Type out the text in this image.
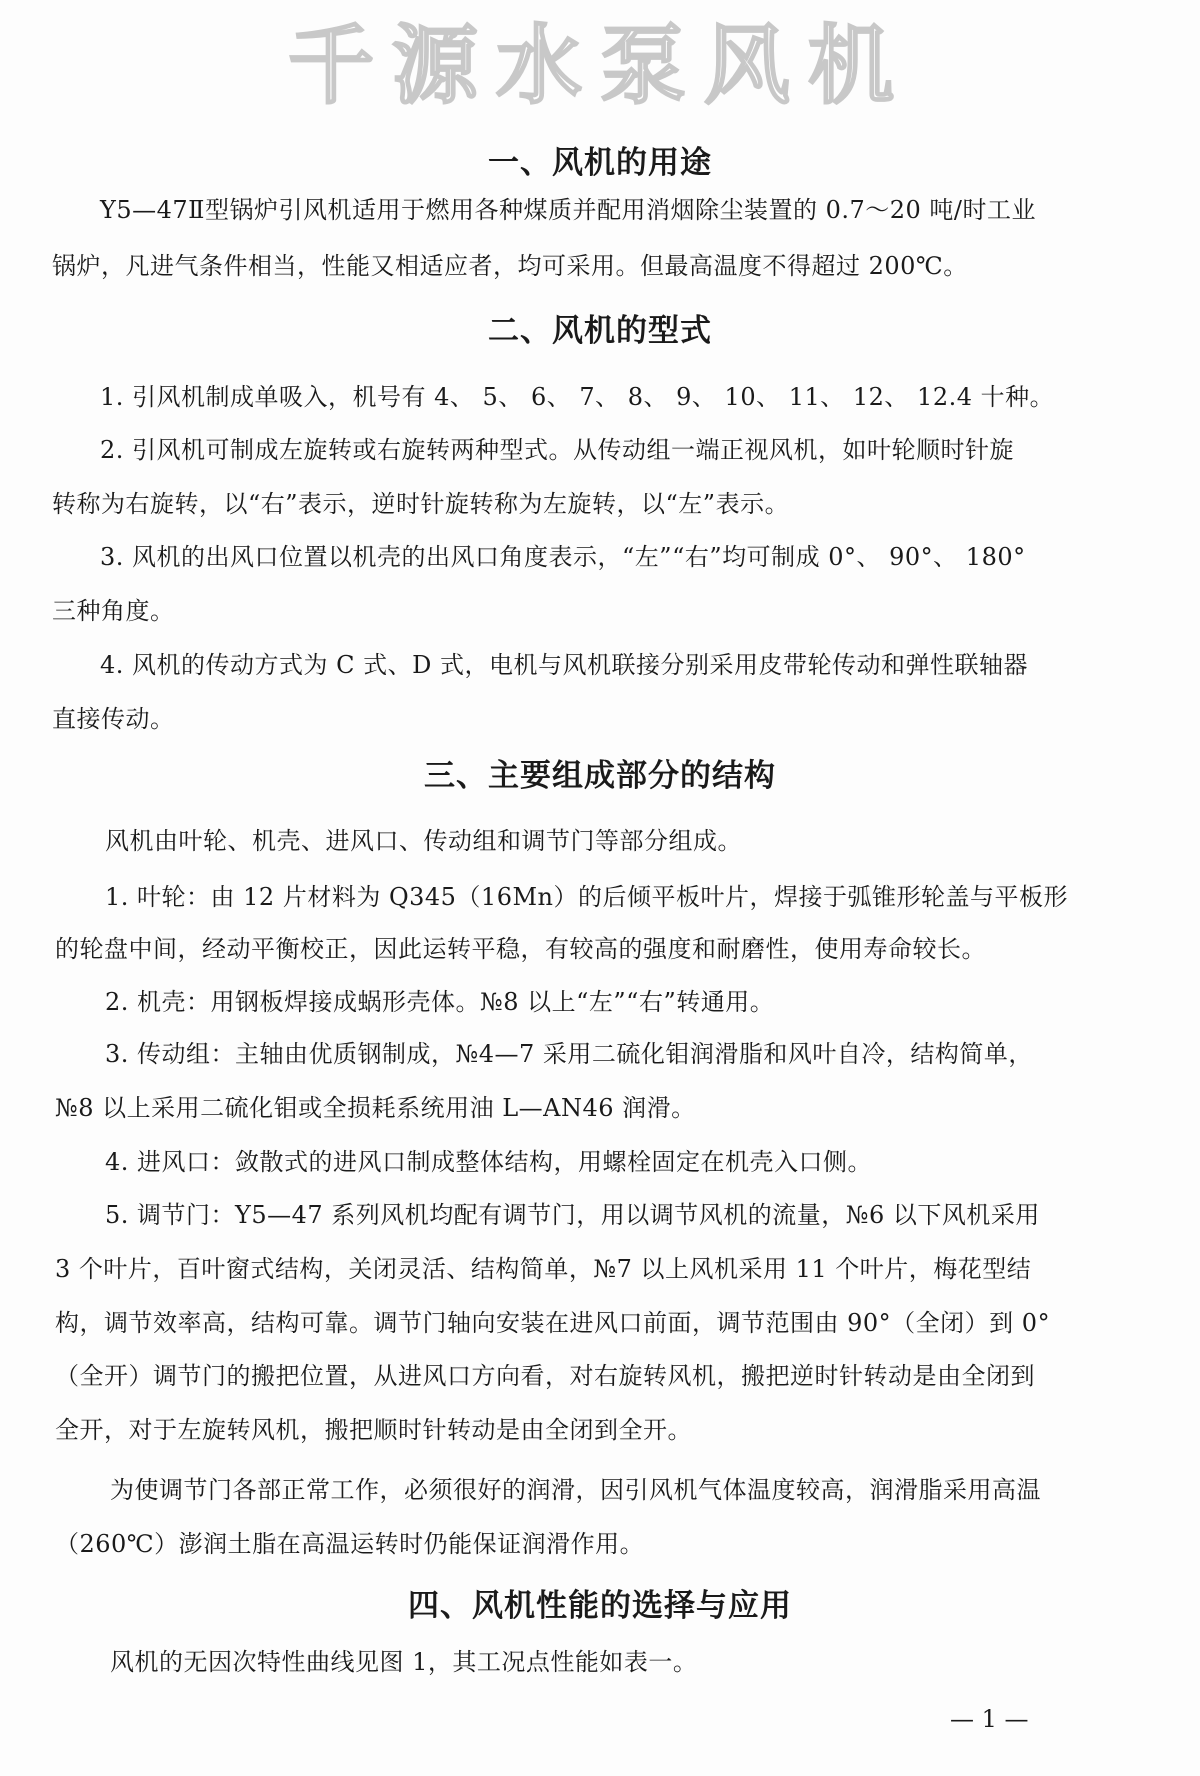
千源水泵风机
一、风机的用途
Y5—47Ⅱ型锅炉引风机适用于燃用各种煤质并配用消烟除尘装置的 0.7～20 吨/时工业
锅炉，凡进气条件相当，性能又相适应者，均可采用。但最高温度不得超过 200℃。
二、风机的型式
1. 引风机制成单吸入，机号有 4、 5、 6、 7、 8、 9、 10、 11、 12、 12.4 十种。
2. 引风机可制成左旋转或右旋转两种型式。从传动组一端正视风机，如叶轮顺时针旋
转称为右旋转，以“右”表示，逆时针旋转称为左旋转，以“左”表示。
3. 风机的出风口位置以机壳的出风口角度表示，“左”“右”均可制成 0°、 90°、 180°
三种角度。
4. 风机的传动方式为 C 式、D 式，电机与风机联接分别采用皮带轮传动和弹性联轴器
直接传动。
三、主要组成部分的结构
风机由叶轮、机壳、进风口、传动组和调节门等部分组成。
1. 叶轮：由 12 片材料为 Q345（16Mn）的后倾平板叶片，焊接于弧锥形轮盖与平板形
的轮盘中间，经动平衡校正，因此运转平稳，有较高的强度和耐磨性，使用寿命较长。
2. 机壳：用钢板焊接成蜗形壳体。№8 以上“左”“右”转通用。
3. 传动组：主轴由优质钢制成，№4—7 采用二硫化钼润滑脂和风叶自冷，结构简单，
№8 以上采用二硫化钼或全损耗系统用油 L—AN46 润滑。
4. 进风口：敛散式的进风口制成整体结构，用螺栓固定在机壳入口侧。
5. 调节门：Y5—47 系列风机均配有调节门，用以调节风机的流量，№6 以下风机采用
3 个叶片，百叶窗式结构，关闭灵活、结构简单，№7 以上风机采用 11 个叶片，梅花型结
构，调节效率高，结构可靠。调节门轴向安装在进风口前面，调节范围由 90°（全闭）到 0°
（全开）调节门的搬把位置，从进风口方向看，对右旋转风机，搬把逆时针转动是由全闭到
全开，对于左旋转风机，搬把顺时针转动是由全闭到全开。
为使调节门各部正常工作，必须很好的润滑，因引风机气体温度较高，润滑脂采用高温
（260℃）澎润土脂在高温运转时仍能保证润滑作用。
四、风机性能的选择与应用
风机的无因次特性曲线见图 1，其工况点性能如表一。
— 1 —
